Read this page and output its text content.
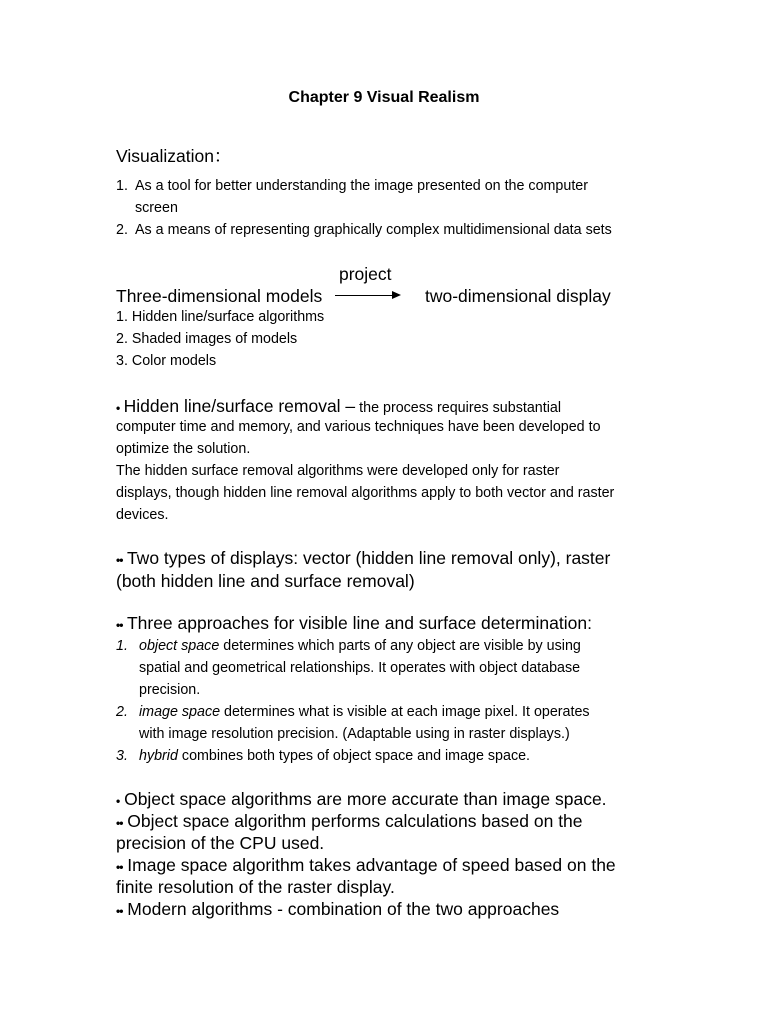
Chapter 9 Visual Realism
Visualization：
1. As a tool for better understanding the image presented on the computer
screen
2. As a means of representing graphically complex multidimensional data sets
project
Three-dimensional models	two-dimensional display
1. Hidden line/surface algorithms
2. Shaded images of models
3. Color models
• Hidden line/surface removal – the process requires substantial
computer time and memory, and various techniques have been developed to
optimize the solution.
The hidden surface removal algorithms were developed only for raster
displays, though hidden line removal algorithms apply to both vector and raster
devices.
•• Two types of displays: vector (hidden line removal only), raster
(both hidden line and surface removal)
•• Three approaches for visible line and surface determination:
1. object space determines which parts of any object are visible by using
spatial and geometrical relationships. It operates with object database
precision.
2. image space determines what is visible at each image pixel. It operates
with image resolution precision. (Adaptable using in raster displays.)
3. hybrid combines both types of object space and image space.
• Object space algorithms are more accurate than image space.
•• Object space algorithm performs calculations based on the
precision of the CPU used.
•• Image space algorithm takes advantage of speed based on the
finite resolution of the raster display.
•• Modern algorithms - combination of the two approaches
